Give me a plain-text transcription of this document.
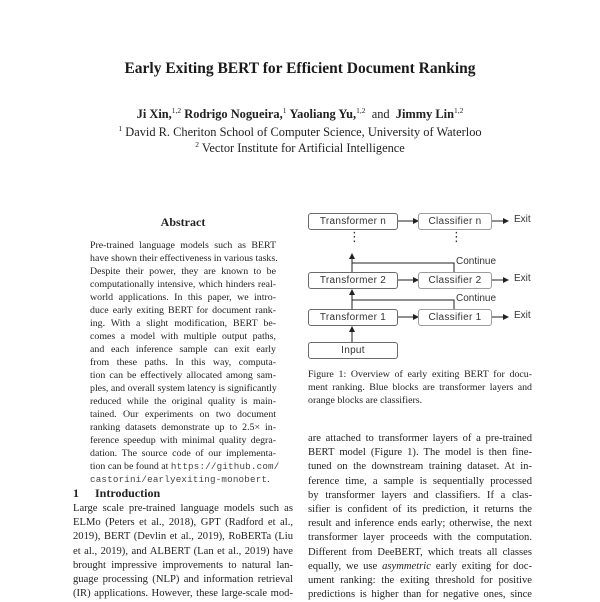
Early Exiting BERT for Efficient Document Ranking
Ji Xin,$^{1,2}$ Rodrigo Nogueira,$^1$ Yaoliang Yu,$^{1,2}$ and Jimmy Lin$^{1,2}$
$^1$ David R. Cheriton School of Computer Science, University of Waterloo
$^2$ Vector Institute for Artificial Intelligence
Abstract
Pre-trained language models such as BERT
have shown their effectiveness in various tasks.
Despite their power, they are known to be
computationally intensive, which hinders real-
world applications. In this paper, we intro-
duce early exiting BERT for document rank-
ing. With a slight modification, BERT be-
comes a model with multiple output paths,
and each inference sample can exit early
from these paths. In this way, computa-
tion can be effectively allocated among sam-
ples, and overall system latency is significantly
reduced while the original quality is main-
tained. Our experiments on two document
ranking datasets demonstrate up to 2.5× in-
ference speedup with minimal quality degra-
dation. The source code of our implementa-
tion can be found at https://github.com/
castorini/earlyexiting-monobert.
1 Introduction
Large scale pre-trained language models such as
ELMo (Peters et al., 2018), GPT (Radford et al.,
2019), BERT (Devlin et al., 2019), RoBERTa (Liu
et al., 2019), and ALBERT (Lan et al., 2019) have
brought impressive improvements to natural lan-
guage processing (NLP) and information retrieval
(IR) applications. However, these large-scale mod-
Transformer n	Classifier n	Exit
⋮	⋮
Continue
Transformer 2	Classifier 2	Exit
Continue
Transformer 1	Classifier 1	Exit
Input
Figure 1: Overview of early exiting BERT for docu-
ment ranking. Blue blocks are transformer layers and
orange blocks are classifiers.
are attached to transformer layers of a pre-trained
BERT model (Figure 1). The model is then fine-
tuned on the downstream training dataset. At in-
ference time, a sample is sequentially processed
by transformer layers and classifiers. If a clas-
sifier is confident of its prediction, it returns the
result and inference ends early; otherwise, the next
transformer layer proceeds with the computation.
Different from DeeBERT, which treats all classes
equally, we use asymmetric early exiting for doc-
ument ranking: the exiting threshold for positive
predictions is higher than for negative ones, since
